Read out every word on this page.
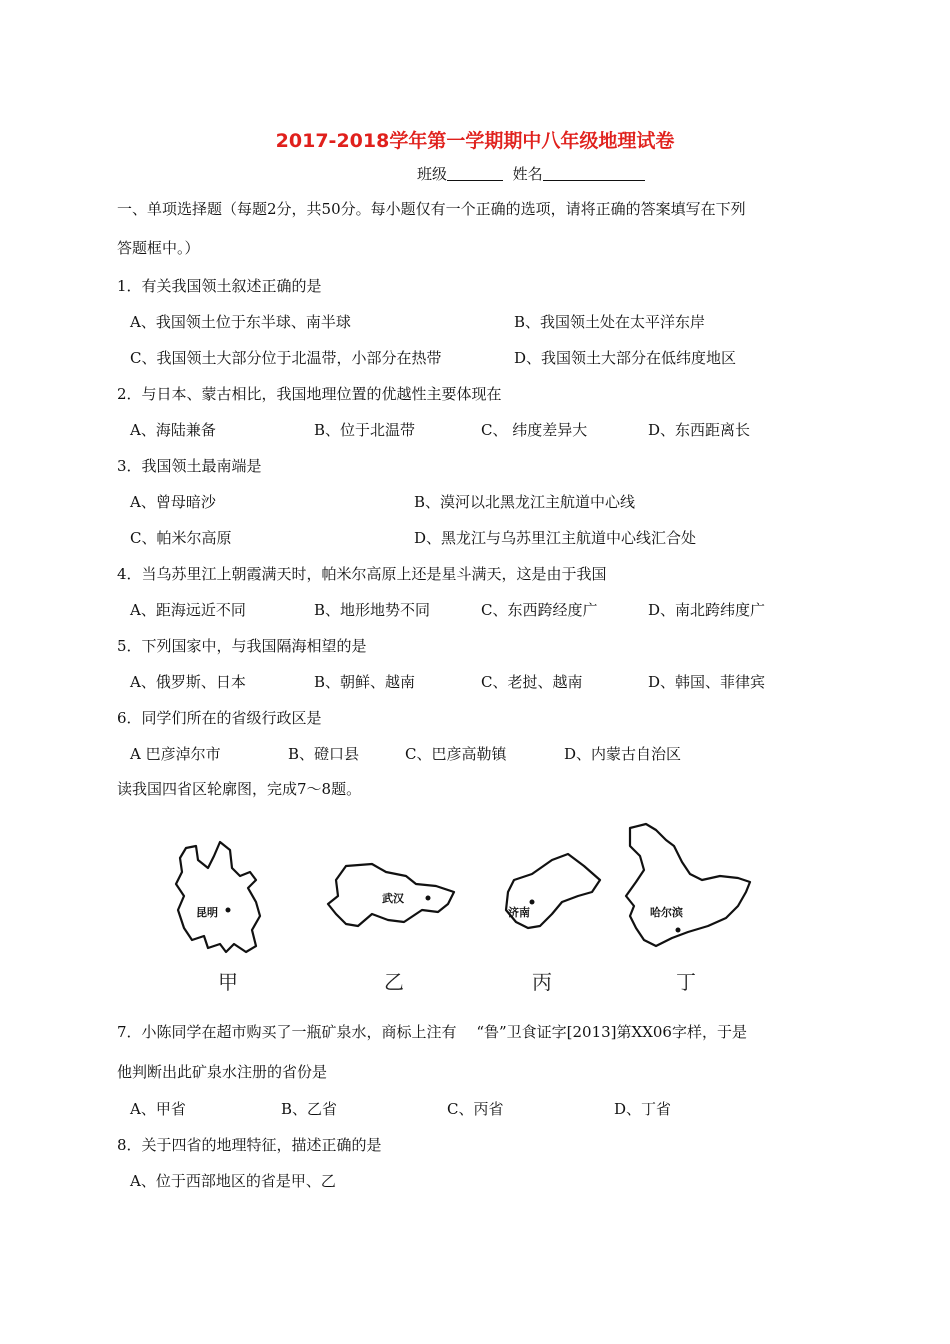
2017-2018学年第一学期期中八年级地理试卷
班级	姓名
一、单项选择题（每题2分，共50分。每小题仅有一个正确的选项，请将正确的答案填写在下列
答题框中。）
1．有关我国领土叙述正确的是
A、我国领土位于东半球、南半球	B、我国领土处在太平洋东岸
C、我国领土大部分位于北温带，小部分在热带	D、我国领土大部分在低纬度地区
2．与日本、蒙古相比，我国地理位置的优越性主要体现在
A、海陆兼备	B、位于北温带	C、 纬度差异大	D、东西距离长
3．我国领土最南端是
A、曾母暗沙	B、漠河以北黑龙江主航道中心线
C、帕米尔高原	D、黑龙江与乌苏里江主航道中心线汇合处
4．当乌苏里江上朝霞满天时，帕米尔高原上还是星斗满天，这是由于我国
A、距海远近不同	B、地形地势不同	C、东西跨经度广	D、南北跨纬度广
5．下列国家中，与我国隔海相望的是
A、俄罗斯、日本	B、朝鲜、越南	C、老挝、越南	D、韩国、菲律宾
6．同学们所在的省级行政区是
A 巴彦淖尔市	B、磴口县	C、巴彦高勒镇	D、内蒙古自治区
读我国四省区轮廓图，完成7～8题。
昆明
武汉
济南	哈尔滨
甲	乙	丙	丁
7．小陈同学在超市购买了一瓶矿泉水，商标上注有　 “鲁”卫食证字[2013]第XX06字样，于是
他判断出此矿泉水注册的省份是
A、甲省	B、乙省	C、丙省	D、丁省
8．关于四省的地理特征，描述正确的是
A、位于西部地区的省是甲、乙
